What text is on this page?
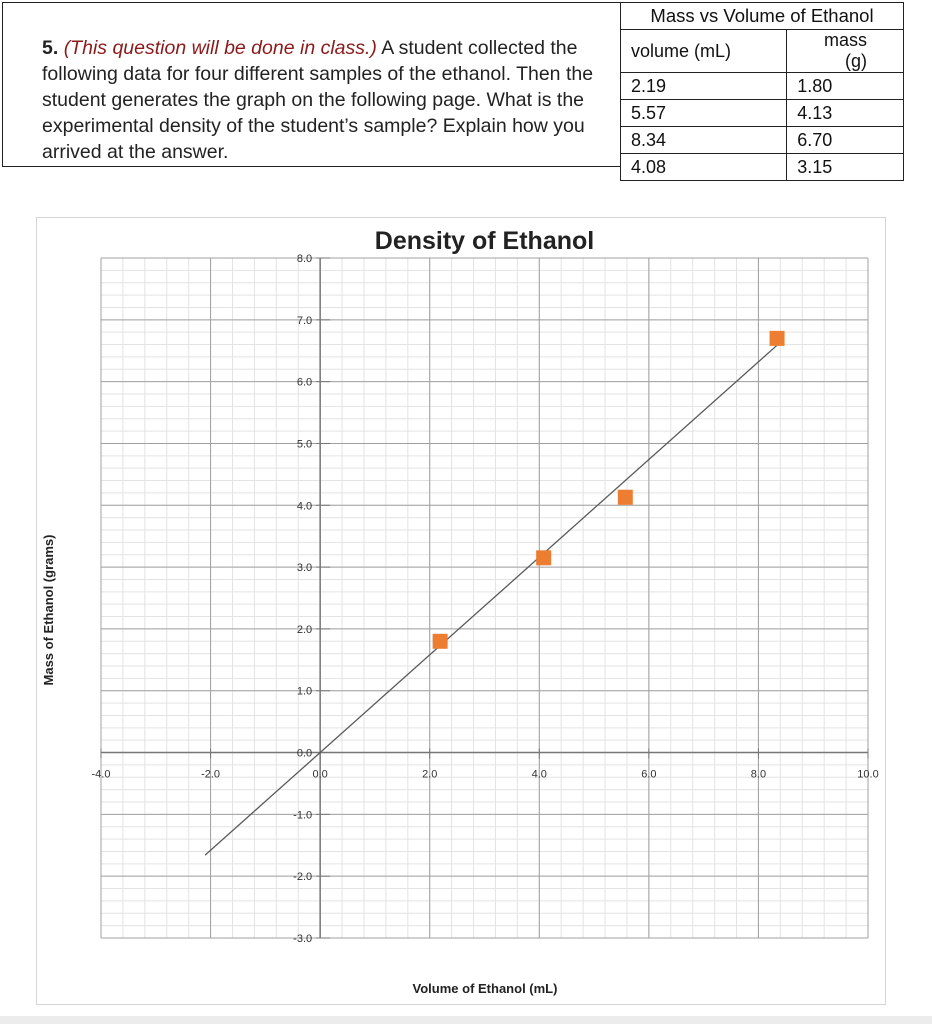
5. (This question will be done in class.) A student collected the
following data for four different samples of the ethanol. Then the
student generates the graph on the following page. What is the
experimental density of the student’s sample? Explain how you
arrived at the answer.
Mass vs Volume of Ethanol	
volume (mL)	mass (g)
2.19	1.80
5.57	4.13
8.34	6.70
4.08	3.15
-4.0	-2.0	0.0	2.0	4.0	6.0	8.0	10.0
8.0
7.0
6.0
5.0
4.0
3.0
2.0
1.0
0.0
-1.0
-2.0
-3.0
Density of Ethanol
Volume of Ethanol (mL)
Mass of Ethanol (grams)
